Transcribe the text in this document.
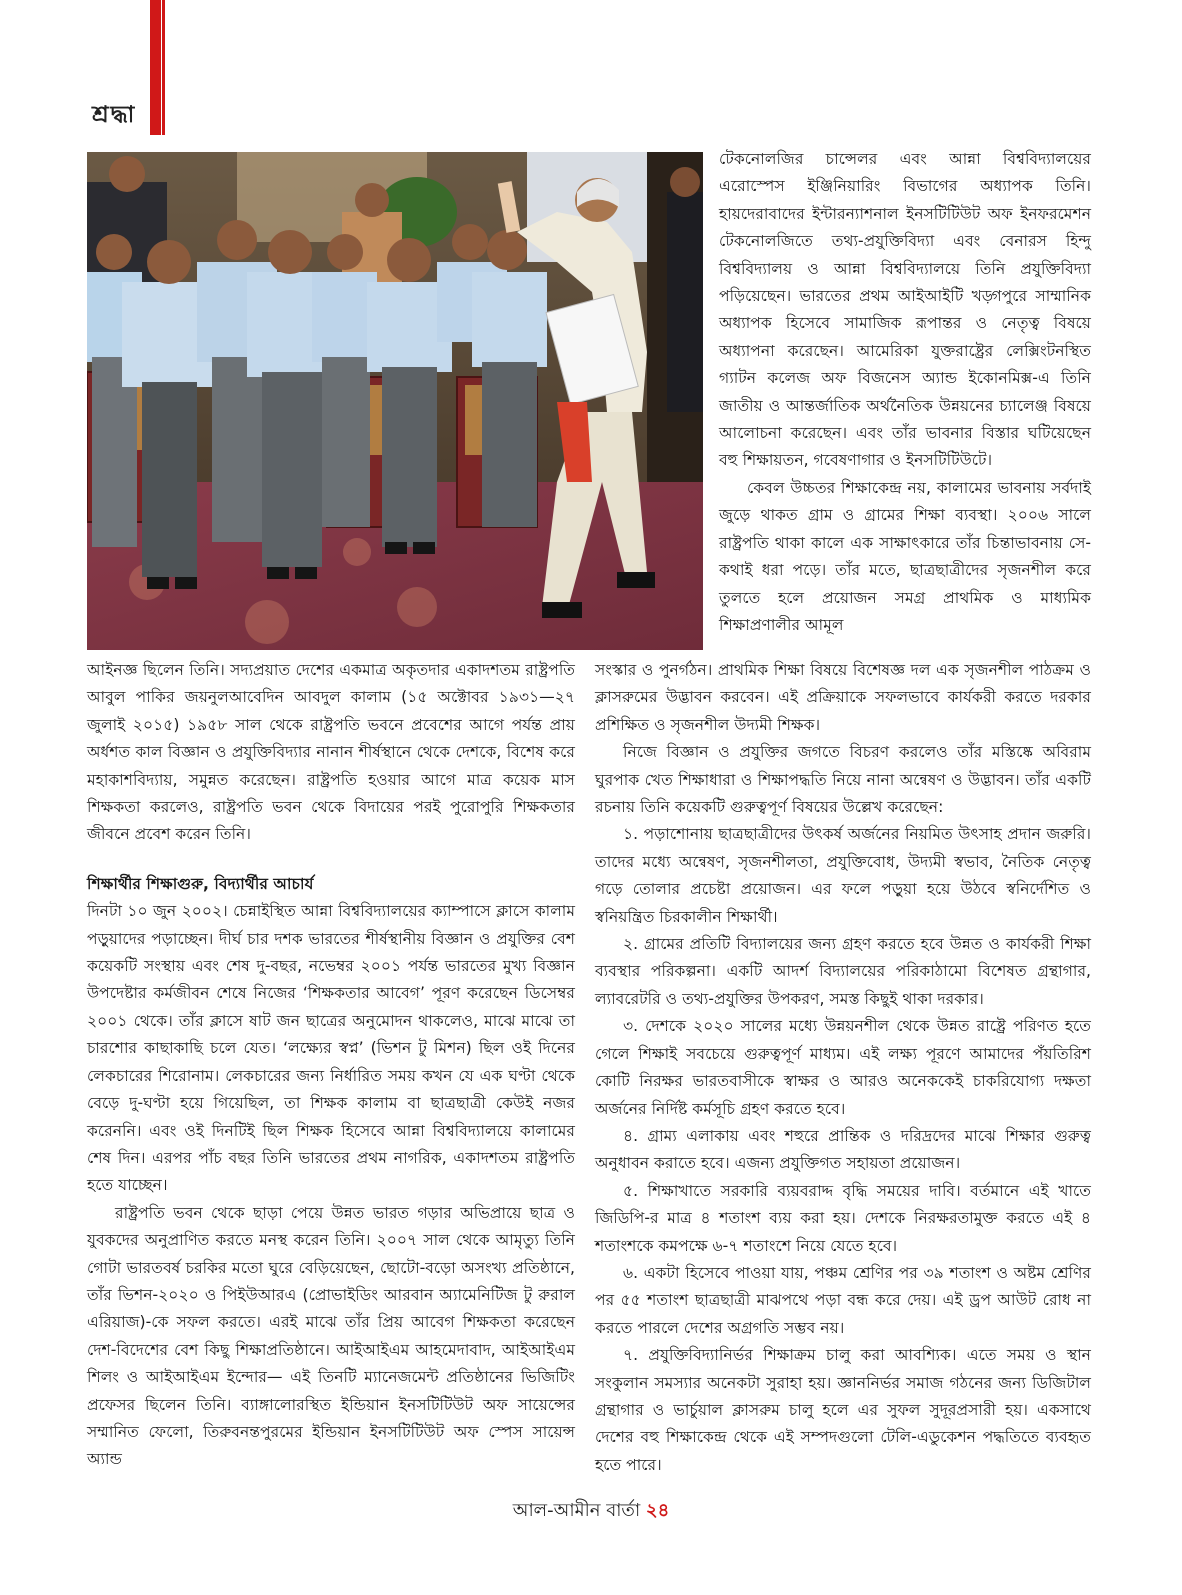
শ্রদ্ধা

টেকনোলজির চান্সেলর এবং আন্না বিশ্ববিদ্যালয়ের এরোস্পেস ইঞ্জিনিয়ারিং বিভাগের অধ্যাপক তিনি। হায়দেরাবাদের ইন্টারন্যাশনাল ইনসটিটিউট অফ ইনফরমেশন টেকনোলজিতে তথ্য-প্রযুক্তিবিদ্যা এবং বেনারস হিন্দু বিশ্ববিদ্যালয় ও আন্না বিশ্ববিদ্যালয়ে তিনি প্রযুক্তিবিদ্যা পড়িয়েছেন। ভারতের প্রথম আইআইটি খড়্গপুরে সাম্মানিক অধ্যাপক হিসেবে সামাজিক রূপান্তর ও নেতৃত্ব বিষয়ে অধ্যাপনা করেছেন। আমেরিকা যুক্তরাষ্ট্রের লেক্সিংটনস্থিত গ্যাটন কলেজ অফ বিজনেস অ্যান্ড ইকোনমিক্স-এ তিনি জাতীয় ও আন্তর্জাতিক অর্থনৈতিক উন্নয়নের চ্যালেঞ্জ বিষয়ে আলোচনা করেছেন। এবং তাঁর ভাবনার বিস্তার ঘটিয়েছেন বহু শিক্ষায়তন, গবেষণাগার ও ইনসটিটিউটে।

কেবল উচ্চতর শিক্ষাকেন্দ্র নয়, কালামের ভাবনায় সর্বদাই জুড়ে থাকত গ্রাম ও গ্রামের শিক্ষা ব্যবস্থা। ২০০৬ সালে রাষ্ট্রপতি থাকা কালে এক সাক্ষাৎকারে তাঁর চিন্তাভাবনায় সে-কথাই ধরা পড়ে। তাঁর মতে, ছাত্রছাত্রীদের সৃজনশীল করে তুলতে হলে প্রয়োজন সমগ্র প্রাথমিক ও মাধ্যমিক শিক্ষাপ্রণালীর আমূল

আইনজ্ঞ ছিলেন তিনি। সদ্যপ্রয়াত দেশের একমাত্র অকৃতদার একাদশতম রাষ্ট্রপতি আবুল পাকির জয়নুলআবেদিন আবদুল কালাম (১৫ অক্টোবর ১৯৩১—২৭ জুলাই ২০১৫) ১৯৫৮ সাল থেকে রাষ্ট্রপতি ভবনে প্রবেশের আগে পর্যন্ত প্রায় অর্ধশত কাল বিজ্ঞান ও প্রযুক্তিবিদ্যার নানান শীর্ষস্থানে থেকে দেশকে, বিশেষ করে মহাকাশবিদ্যায়, সমুন্নত করেছেন। রাষ্ট্রপতি হওয়ার আগে মাত্র কয়েক মাস শিক্ষকতা করলেও, রাষ্ট্রপতি ভবন থেকে বিদায়ের পরই পুরোপুরি শিক্ষকতার জীবনে প্রবেশ করেন তিনি।

শিক্ষার্থীর শিক্ষাগুরু, বিদ্যার্থীর আচার্য

দিনটা ১০ জুন ২০০২। চেন্নাইস্থিত আন্না বিশ্ববিদ্যালয়ের ক্যাম্পাসে ক্লাসে কালাম পড়ুয়াদের পড়াচ্ছেন। দীর্ঘ চার দশক ভারতের শীর্ষস্থানীয় বিজ্ঞান ও প্রযুক্তির বেশ কয়েকটি সংস্থায় এবং শেষ দু-বছর, নভেম্বর ২০০১ পর্যন্ত ভারতের মুখ্য বিজ্ঞান উপদেষ্টার কর্মজীবন শেষে নিজের ‘শিক্ষকতার আবেগ’ পূরণ করেছেন ডিসেম্বর ২০০১ থেকে। তাঁর ক্লাসে ষাট জন ছাত্রের অনুমোদন থাকলেও, মাঝে মাঝে তা চারশোর কাছাকাছি চলে যেত। ‘লক্ষ্যের স্বপ্ন’ (ভিশন টু মিশন) ছিল ওই দিনের লেকচারের শিরোনাম। লেকচারের জন্য নির্ধারিত সময় কখন যে এক ঘণ্টা থেকে বেড়ে দু-ঘণ্টা হয়ে গিয়েছিল, তা শিক্ষক কালাম বা ছাত্রছাত্রী কেউই নজর করেননি। এবং ওই দিনটিই ছিল শিক্ষক হিসেবে আন্না বিশ্ববিদ্যালয়ে কালামের শেষ দিন। এরপর পাঁচ বছর তিনি ভারতের প্রথম নাগরিক, একাদশতম রাষ্ট্রপতি হতে যাচ্ছেন।

রাষ্ট্রপতি ভবন থেকে ছাড়া পেয়ে উন্নত ভারত গড়ার অভিপ্রায়ে ছাত্র ও যুবকদের অনুপ্রাণিত করতে মনস্থ করেন তিনি। ২০০৭ সাল থেকে আমৃত্যু তিনি গোটা ভারতবর্ষ চরকির মতো ঘুরে বেড়িয়েছেন, ছোটো-বড়ো অসংখ্য প্রতিষ্ঠানে, তাঁর ভিশন-২০২০ ও পিইউআরএ (প্রোভাইডিং আরবান অ্যামেনিটিজ টু রুরাল এরিয়াজ)-কে সফল করতে। এরই মাঝে তাঁর প্রিয় আবেগ শিক্ষকতা করেছেন দেশ-বিদেশের বেশ কিছু শিক্ষাপ্রতিষ্ঠানে। আইআইএম আহমেদাবাদ, আইআইএম শিলং ও আইআইএম ইন্দোর— এই তিনটি ম্যানেজমেন্ট প্রতিষ্ঠানের ভিজিটিং প্রফেসর ছিলেন তিনি। ব্যাঙ্গালোরস্থিত ইন্ডিয়ান ইনসটিটিউট অফ সায়েন্সের সম্মানিত ফেলো, তিরুবনন্তপুরমের ইন্ডিয়ান ইনসটিটিউট অফ স্পেস সায়েন্স অ্যান্ড

সংস্কার ও পুনর্গঠন। প্রাথমিক শিক্ষা বিষয়ে বিশেষজ্ঞ দল এক সৃজনশীল পাঠক্রম ও ক্লাসরুমের উদ্ভাবন করবেন। এই প্রক্রিয়াকে সফলভাবে কার্যকরী করতে দরকার প্রশিক্ষিত ও সৃজনশীল উদ্যমী শিক্ষক।

নিজে বিজ্ঞান ও প্রযুক্তির জগতে বিচরণ করলেও তাঁর মস্তিষ্কে অবিরাম ঘুরপাক খেত শিক্ষাধারা ও শিক্ষাপদ্ধতি নিয়ে নানা অন্বেষণ ও উদ্ভাবন। তাঁর একটি রচনায় তিনি কয়েকটি গুরুত্বপূর্ণ বিষয়ের উল্লেখ করেছেন:

১. পড়াশোনায় ছাত্রছাত্রীদের উৎকর্ষ অর্জনের নিয়মিত উৎসাহ প্রদান জরুরি। তাদের মধ্যে অন্বেষণ, সৃজনশীলতা, প্রযুক্তিবোধ, উদ্যমী স্বভাব, নৈতিক নেতৃত্ব গড়ে তোলার প্রচেষ্টা প্রয়োজন। এর ফলে পড়ুয়া হয়ে উঠবে স্বনির্দেশিত ও স্বনিয়ন্ত্রিত চিরকালীন শিক্ষার্থী।

২. গ্রামের প্রতিটি বিদ্যালয়ের জন্য গ্রহণ করতে হবে উন্নত ও কার্যকরী শিক্ষা ব্যবস্থার পরিকল্পনা। একটি আদর্শ বিদ্যালয়ের পরিকাঠামো বিশেষত গ্রন্থাগার, ল্যাবরেটরি ও তথ্য-প্রযুক্তির উপকরণ, সমস্ত কিছুই থাকা দরকার।

৩. দেশকে ২০২০ সালের মধ্যে উন্নয়নশীল থেকে উন্নত রাষ্ট্রে পরিণত হতে গেলে শিক্ষাই সবচেয়ে গুরুত্বপূর্ণ মাধ্যম। এই লক্ষ্য পূরণে আমাদের পঁয়তিরিশ কোটি নিরক্ষর ভারতবাসীকে স্বাক্ষর ও আরও অনেককেই চাকরিযোগ্য দক্ষতা অর্জনের নির্দিষ্ট কর্মসূচি গ্রহণ করতে হবে।

৪. গ্রাম্য এলাকায় এবং শহুরে প্রান্তিক ও দরিদ্রদের মাঝে শিক্ষার গুরুত্ব অনুধাবন করাতে হবে। এজন্য প্রযুক্তিগত সহায়তা প্রয়োজন।

৫. শিক্ষাখাতে সরকারি ব্যয়বরাদ্দ বৃদ্ধি সময়ের দাবি। বর্তমানে এই খাতে জিডিপি-র মাত্র ৪ শতাংশ ব্যয় করা হয়। দেশকে নিরক্ষরতামুক্ত করতে এই ৪ শতাংশকে কমপক্ষে ৬-৭ শতাংশে নিয়ে যেতে হবে।

৬. একটা হিসেবে পাওয়া যায়, পঞ্চম শ্রেণির পর ৩৯ শতাংশ ও অষ্টম শ্রেণির পর ৫৫ শতাংশ ছাত্রছাত্রী মাঝপথে পড়া বন্ধ করে দেয়। এই ড্রপ আউট রোধ না করতে পারলে দেশের অগ্রগতি সম্ভব নয়।

৭. প্রযুক্তিবিদ্যানির্ভর শিক্ষাক্রম চালু করা আবশ্যিক। এতে সময় ও স্থান সংকুলান সমস্যার অনেকটা সুরাহা হয়। জ্ঞাননির্ভর সমাজ গঠনের জন্য ডিজিটাল গ্রন্থাগার ও ভার্চুয়াল ক্লাসরুম চালু হলে এর সুফল সুদূরপ্রসারী হয়। একসাথে দেশের বহু শিক্ষাকেন্দ্র থেকে এই সম্পদগুলো টেলি-এডুকেশন পদ্ধতিতে ব্যবহৃত হতে পারে।

আল-আমীন বার্তা ২৪
